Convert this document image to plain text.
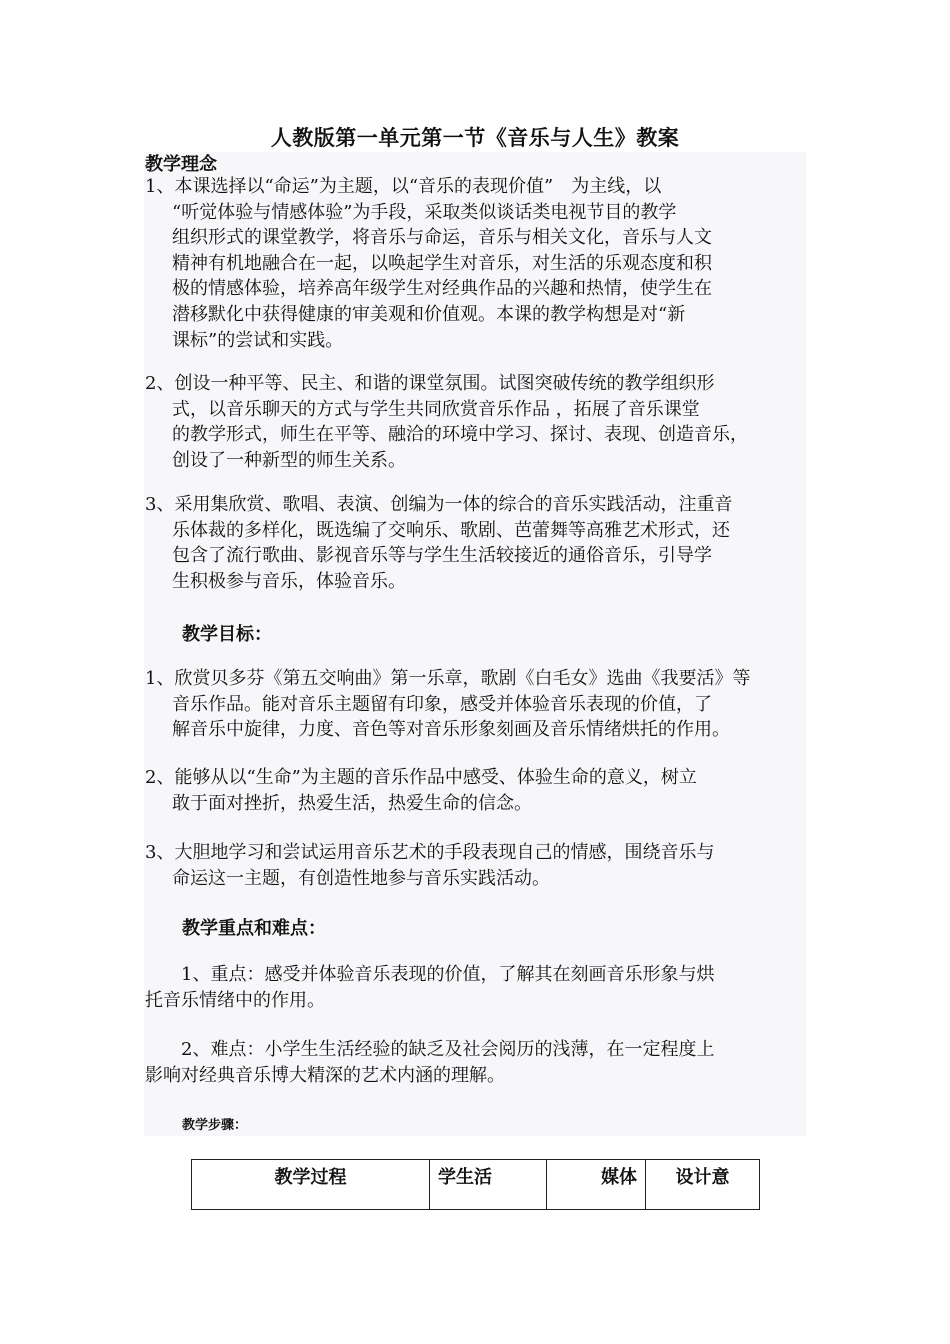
人教版第一单元第一节《音乐与人生》教案
教学理念
1、本课选择以“命运”为主题，以“音乐的表现价值”　为主线，以
“听觉体验与情感体验”为手段，采取类似谈话类电视节目的教学
组织形式的课堂教学，将音乐与命运，音乐与相关文化，音乐与人文
精神有机地融合在一起，以唤起学生对音乐，对生活的乐观态度和积
极的情感体验，培养高年级学生对经典作品的兴趣和热情，使学生在
潜移默化中获得健康的审美观和价值观。本课的教学构想是对“新
课标”的尝试和实践。
2、创设一种平等、民主、和谐的课堂氛围。试图突破传统的教学组织形
式，以音乐聊天的方式与学生共同欣赏音乐作品 ，拓展了音乐课堂
的教学形式，师生在平等、融洽的环境中学习、探讨、表现、创造音乐，
创设了一种新型的师生关系。
3、采用集欣赏、歌唱、表演、创编为一体的综合的音乐实践活动，注重音
乐体裁的多样化，既选编了交响乐、歌剧、芭蕾舞等高雅艺术形式，还
包含了流行歌曲、影视音乐等与学生生活较接近的通俗音乐，引导学
生积极参与音乐，体验音乐。
教学目标：
1、欣赏贝多芬《第五交响曲》第一乐章，歌剧《白毛女》选曲《我要活》等
音乐作品。能对音乐主题留有印象，感受并体验音乐表现的价值，了
解音乐中旋律，力度、音色等对音乐形象刻画及音乐情绪烘托的作用。
2、能够从以“生命”为主题的音乐作品中感受、体验生命的意义，树立
敢于面对挫折，热爱生活，热爱生命的信念。
3、大胆地学习和尝试运用音乐艺术的手段表现自己的情感，围绕音乐与
命运这一主题，有创造性地参与音乐实践活动。
教学重点和难点：
1、重点：感受并体验音乐表现的价值，了解其在刻画音乐形象与烘
托音乐情绪中的作用。
2、难点：小学生生活经验的缺乏及社会阅历的浅薄，在一定程度上
影响对经典音乐博大精深的艺术内涵的理解。
教学步骤：
教学过程	学生活	媒体	设计意
